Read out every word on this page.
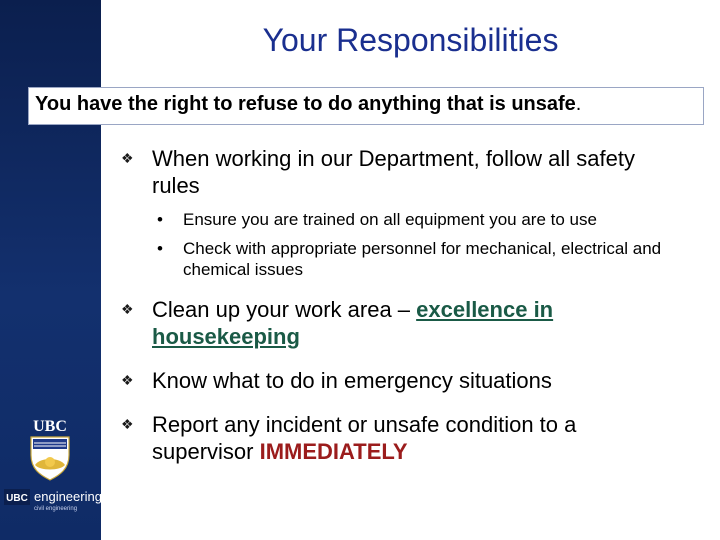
Your Responsibilities
You have the right to refuse to do anything that is unsafe.
❖ When working in our Department, follow all safety rules
• Ensure you are trained on all equipment you are to use
• Check with appropriate personnel for mechanical, electrical and chemical issues
❖ Clean up your work area – excellence in housekeeping
❖ Know what to do in emergency situations
❖ Report any incident or unsafe condition to a supervisor IMMEDIATELY
UBC
UBC engineering
civil engineering
